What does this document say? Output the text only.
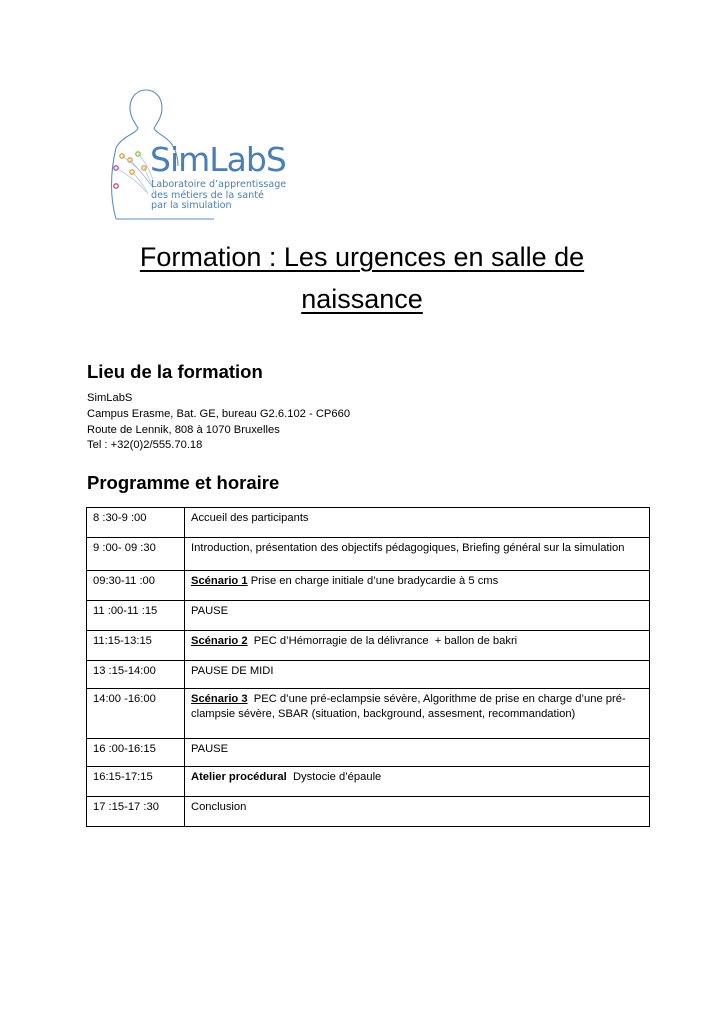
SimLabS
Laboratoire d’apprentissage
des métiers de la santé
par la simulation
Formation : Les urgences en salle de
naissance
Lieu de la formation
SimLabS
Campus Erasme, Bat. GE, bureau G2.6.102 - CP660
Route de Lennik, 808 à 1070 Bruxelles
Tel : +32(0)2/555.70.18
Programme et horaire
8 :30-9 :00	Accueil des participants
9 :00- 09 :30	Introduction, présentation des objectifs pédagogiques, Briefing général sur la simulation
09:30-11 :00	Scénario 1 Prise en charge initiale d’une bradycardie à 5 cms
11 :00-11 :15	PAUSE
11:15-13:15	Scénario 2  PEC d’Hémorragie de la délivrance  + ballon de bakri
13 :15-14:00	PAUSE DE MIDI
14:00 -16:00	Scénario 3  PEC d’une pré-eclampsie sévère, Algorithme de prise en charge d’une pré-clampsie sévère, SBAR (situation, background, assesment, recommandation)
16 :00-16:15	PAUSE
16:15-17:15	Atelier procédural  Dystocie d’épaule
17 :15-17 :30	Conclusion
